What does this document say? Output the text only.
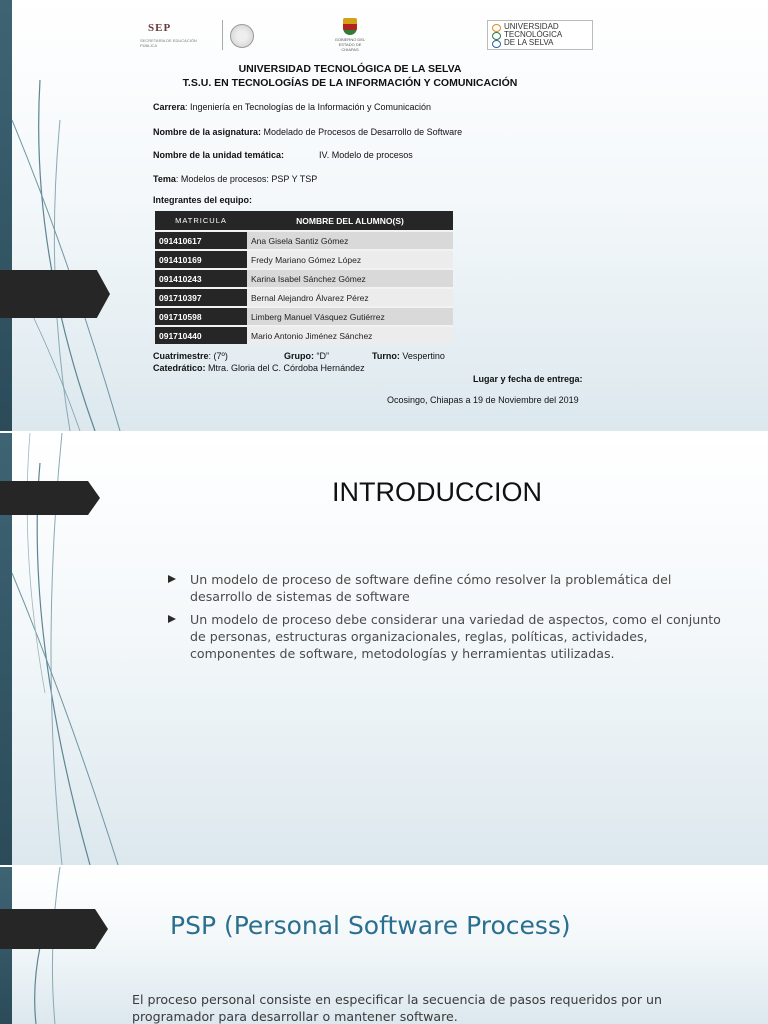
SEP
SECRETARÍA DE EDUCACIÓN PÚBLICA
GOBIERNO DEL ESTADO DE CHIAPAS
UNIVERSIDAD
TECNOLÓGICA
DE LA SELVA
UNIVERSIDAD TECNOLÓGICA DE LA SELVA
T.S.U. EN TECNOLOGÍAS DE LA INFORMACIÓN Y COMUNICACIÓN
Carrera: Ingeniería en Tecnologías de la Información y Comunicación
Nombre de la asignatura: Modelado de Procesos de Desarrollo de Software
Nombre de la unidad temática:	IV. Modelo de procesos
Tema: Modelos de procesos: PSP Y TSP
Integrantes del equipo:
MATRICULA	NOMBRE DEL ALUMNO(S)
091410617	Ana Gisela Santiz Gómez
091410169	Fredy Mariano Gómez López
091410243	Karina Isabel Sánchez Gómez
091710397	Bernal Alejandro Álvarez Pérez
091710598	Limberg Manuel Vásquez Gutiérrez
091710440	Mario Antonio Jiménez Sánchez
Cuatrimestre: (7º)	Grupo: “D”	Turno: Vespertino
Catedrático: Mtra. Gloria del C. Córdoba Hernández
Lugar y fecha de entrega:
Ocosingo, Chiapas a 19 de Noviembre del 2019
INTRODUCCION
Un modelo de proceso de software define cómo resolver la problemática del desarrollo de sistemas de software
Un modelo de proceso debe considerar una variedad de aspectos, como el conjunto de personas, estructuras organizacionales, reglas, políticas, actividades, componentes de software, metodologías y herramientas utilizadas.
PSP (Personal Software Process)
El proceso personal consiste en especificar la secuencia de pasos requeridos por un programador para desarrollar o mantener software.
